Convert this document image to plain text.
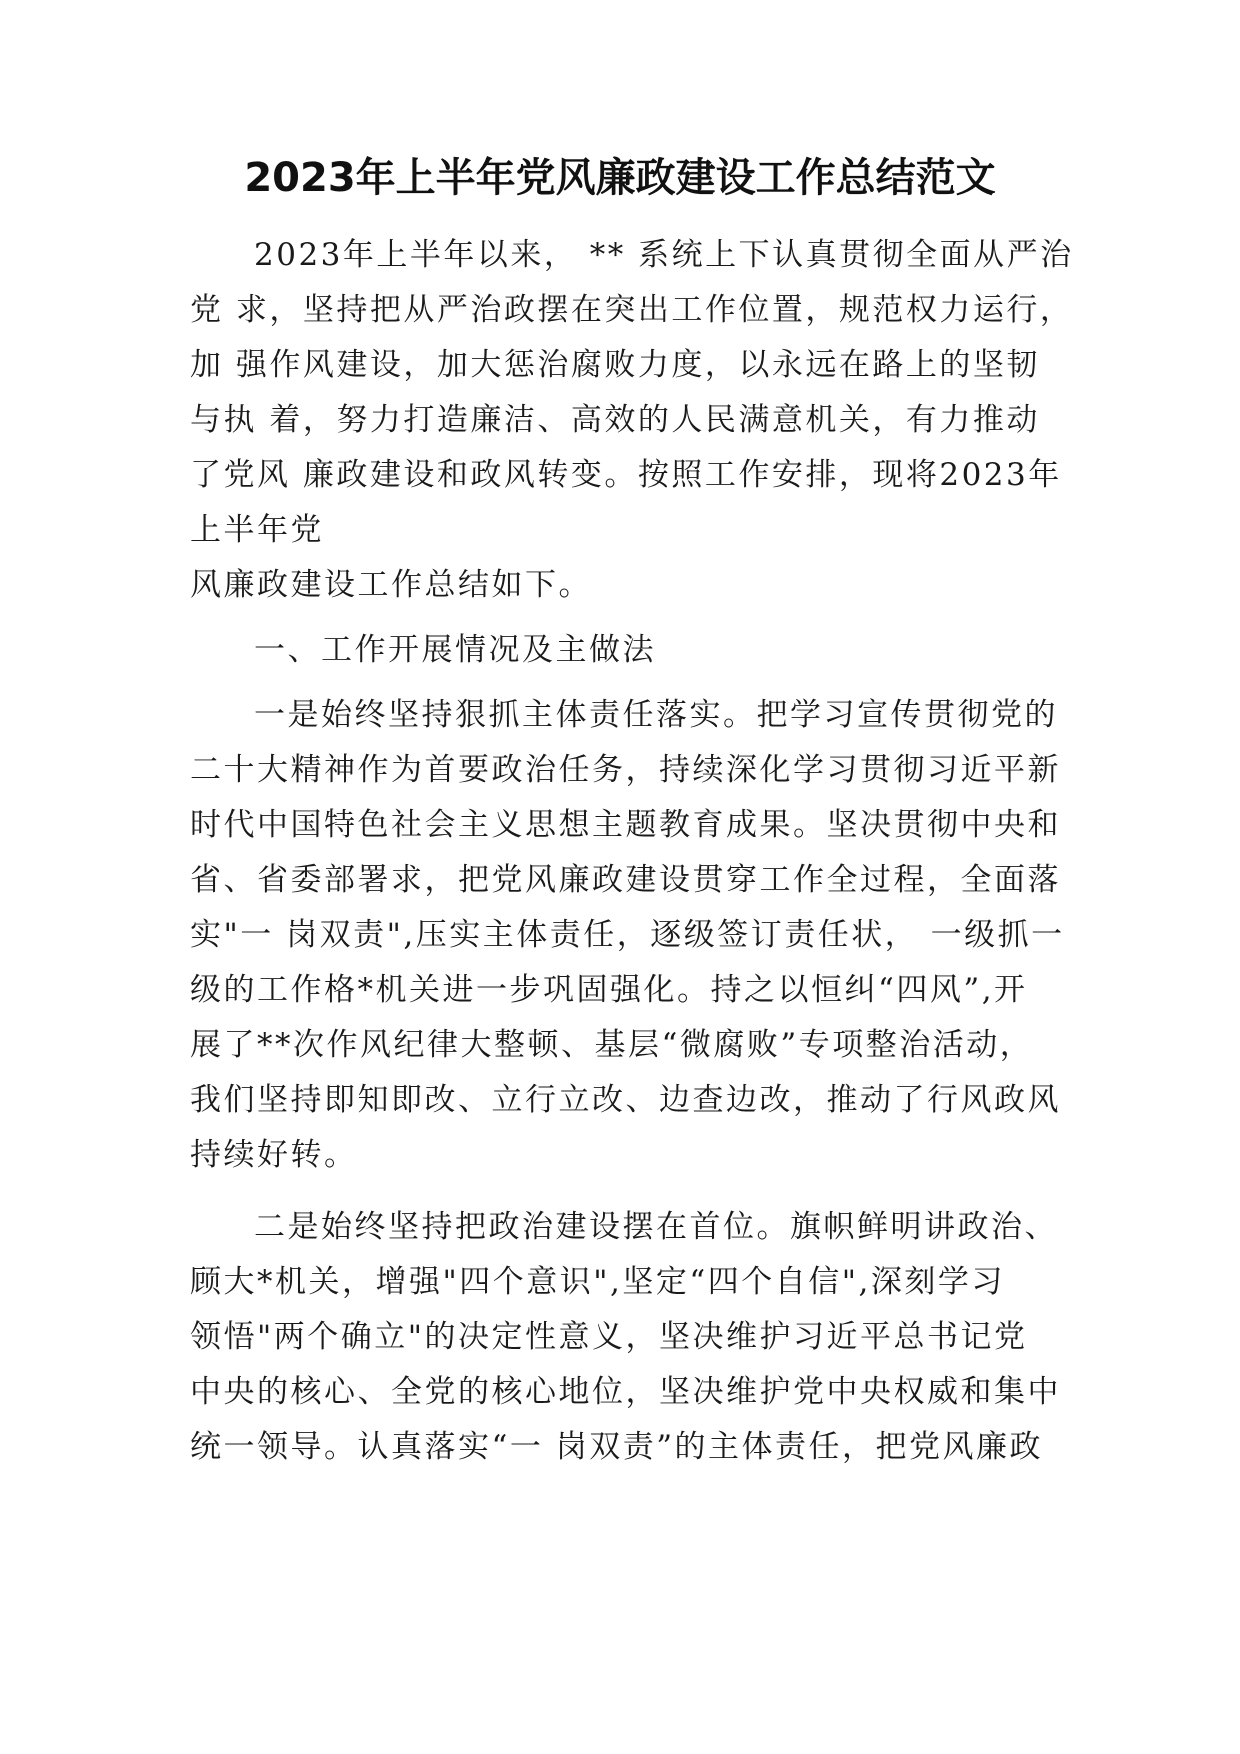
2023年上半年党风廉政建设工作总结范文
2023年上半年以来， ** 系统上下认真贯彻全面从严治
党 求，坚持把从严治政摆在突出工作位置，规范权力运行，
加 强作风建设，加大惩治腐败力度，以永远在路上的坚韧
与执 着，努力打造廉洁、高效的人民满意机关，有力推动
了党风 廉政建设和政风转变。按照工作安排，现将2023年
上半年党
风廉政建设工作总结如下。
一、工作开展情况及主做法
一是始终坚持狠抓主体责任落实。把学习宣传贯彻党的
二十大精神作为首要政治任务，持续深化学习贯彻习近平新
时代中国特色社会主义思想主题教育成果。坚决贯彻中央和
省、省委部署求，把党风廉政建设贯穿工作全过程，全面落
实"一 岗双责",压实主体责任，逐级签订责任状， 一级抓一
级的工作格*机关进一步巩固强化。持之以恒纠“四风”,开
展了**次作风纪律大整顿、基层“微腐败”专项整治活动，
我们坚持即知即改、立行立改、边查边改，推动了行风政风
持续好转。
二是始终坚持把政治建设摆在首位。旗帜鲜明讲政治、
顾大*机关，增强"四个意识",坚定“四个自信",深刻学习
领悟"两个确立"的决定性意义，坚决维护习近平总书记党
中央的核心、全党的核心地位，坚决维护党中央权威和集中
统一领导。认真落实“一 岗双责”的主体责任，把党风廉政
